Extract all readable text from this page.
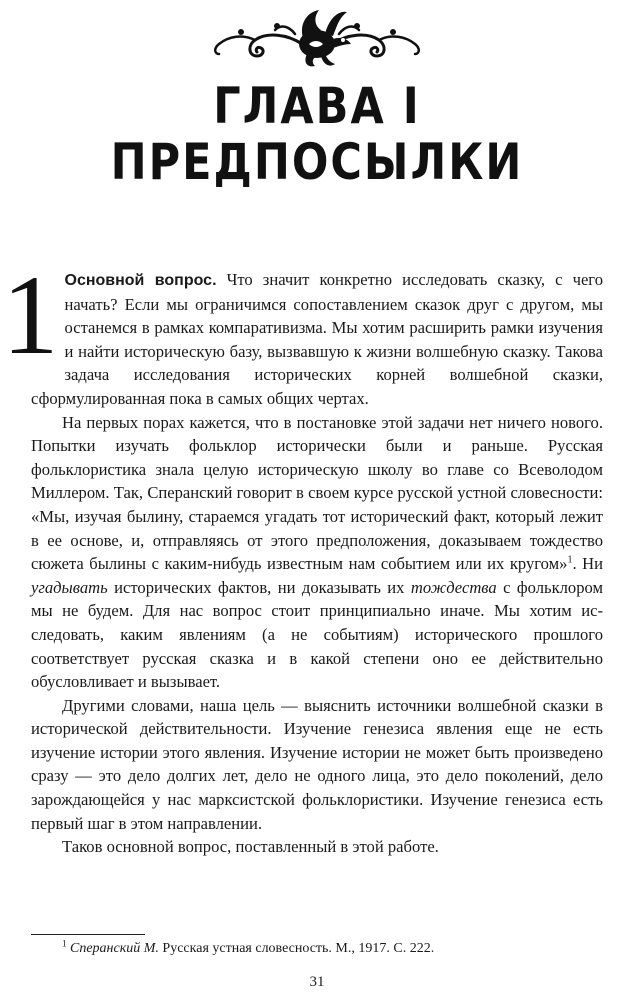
ГЛАВА I
ПРЕДПОСЫЛКИ

1 Основной вопрос. Что значит конкретно исследовать сказку, с чего начать? Если мы ограничимся сопоставлением сказок друг с другом, мы останемся в рамках компаративизма. Мы хотим расширить рамки изучения и найти историческую базу, вызвавшую к жизни волшебную сказку. Такова задача исследования исторических корней волшебной сказки, сформулированная пока в самых общих чертах.

На первых порах кажется, что в постановке этой задачи нет ничего нового. Попытки изучать фольклор исторически были и раньше. Русская фольклористика знала целую историческую школу во главе со Всеволодом Миллером. Так, Сперанский говорит в своем курсе русской устной словесности: «Мы, изучая былину, стараемся угадать тот исторический факт, который лежит в ее основе, и, отправляясь от этого предположения, доказываем тождество сюжета былины с каким-нибудь известным нам событием или их кругом»$^1$. Ни угадывать исторических фактов, ни доказывать их тождества с фольклором мы не будем. Для нас вопрос стоит принципиально иначе. Мы хотим исследовать, каким явлениям (а не событиям) исторического прошлого соответствует русская сказка и в какой степени оно ее действительно обусловливает и вызывает.

Другими словами, наша цель — выяснить источники волшебной сказки в исторической действительности. Изучение генезиса явления еще не есть изучение истории этого явления. Изучение истории не может быть произведено сразу — это дело долгих лет, дело не одного лица, это дело поколений, дело зарождающейся у нас марксистской фольклористики. Изучение генезиса есть первый шаг в этом направлении.

Таков основной вопрос, поставленный в этой работе.

$^1$ Сперанский М. Русская устная словесность. М., 1917. С. 222.
31
